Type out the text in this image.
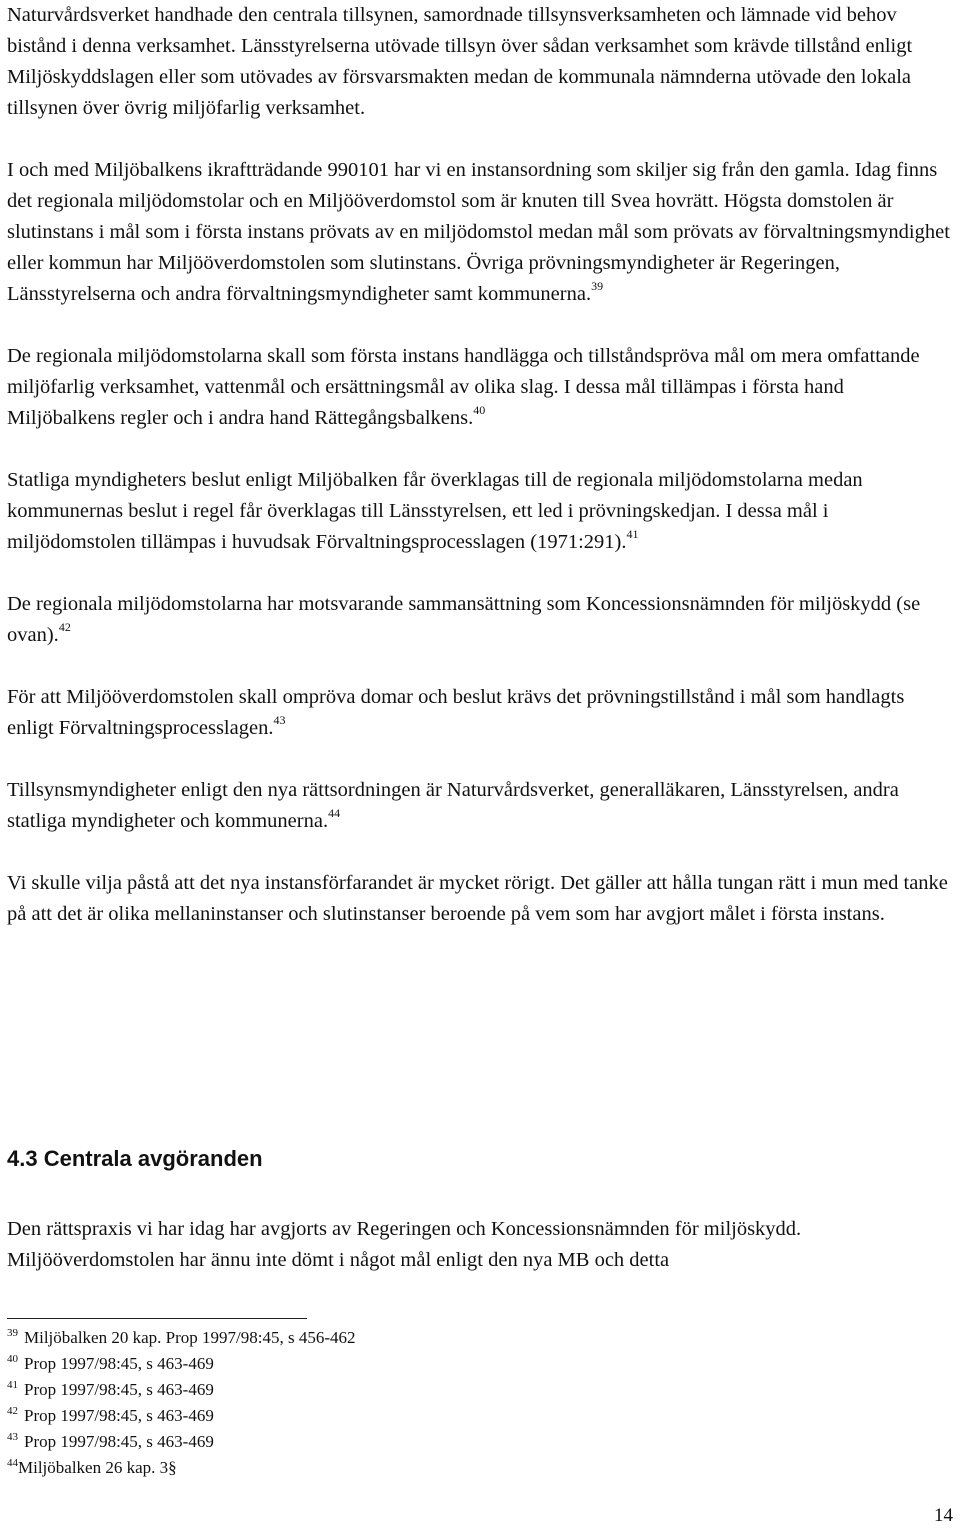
Naturvårdsverket handhade den centrala tillsynen, samordnade tillsynsverksamheten och lämnade vid behov bistånd i denna verksamhet. Länsstyrelserna utövade tillsyn över sådan verksamhet som krävde tillstånd enligt Miljöskyddslagen eller som utövades av försvarsmakten medan de kommunala nämnderna utövade den lokala tillsynen över övrig miljöfarlig verksamhet.

I och med Miljöbalkens ikraftträdande 990101 har vi en instansordning som skiljer sig från den gamla. Idag finns det regionala miljödomstolar och en Miljööverdomstol som är knuten till Svea hovrätt. Högsta domstolen är slutinstans i mål som i första instans prövats av en miljödomstol medan mål som prövats av förvaltningsmyndighet eller kommun har Miljööverdomstolen som slutinstans. Övriga prövningsmyndigheter är Regeringen, Länsstyrelserna och andra förvaltningsmyndigheter samt kommunerna.$^{39}$

De regionala miljödomstolarna skall som första instans handlägga och tillståndspröva mål om mera omfattande miljöfarlig verksamhet, vattenmål och ersättningsmål av olika slag. I dessa mål tillämpas i första hand Miljöbalkens regler och i andra hand Rättegångsbalkens.$^{40}$

Statliga myndigheters beslut enligt Miljöbalken får överklagas till de regionala miljödomstolarna medan kommunernas beslut i regel får överklagas till Länsstyrelsen, ett led i prövningskedjan. I dessa mål i miljödomstolen tillämpas i huvudsak Förvaltningsprocesslagen (1971:291).$^{41}$

De regionala miljödomstolarna har motsvarande sammansättning som Koncessionsnämnden för miljöskydd (se ovan).$^{42}$

För att Miljööverdomstolen skall ompröva domar och beslut krävs det prövningstillstånd i mål som handlagts enligt Förvaltningsprocesslagen.$^{43}$

Tillsynsmyndigheter enligt den nya rättsordningen är Naturvårdsverket, generalläkaren, Länsstyrelsen, andra statliga myndigheter och kommunerna.$^{44}$

Vi skulle vilja påstå att det nya instansförfarandet är mycket rörigt. Det gäller att hålla tungan rätt i mun med tanke på att det är olika mellaninstanser och slutinstanser beroende på vem som har avgjort målet i första instans.

4.3 Centrala avgöranden

Den rättspraxis vi har idag har avgjorts av Regeringen och Koncessionsnämnden för miljöskydd. Miljööverdomstolen har ännu inte dömt i något mål enligt den nya MB och detta

$^{39}$ Miljöbalken 20 kap. Prop 1997/98:45, s 456-462
$^{40}$ Prop 1997/98:45, s 463-469
$^{41}$ Prop 1997/98:45, s 463-469
$^{42}$ Prop 1997/98:45, s 463-469
$^{43}$ Prop 1997/98:45, s 463-469
$^{44}$Miljöbalken 26 kap. 3§
14
